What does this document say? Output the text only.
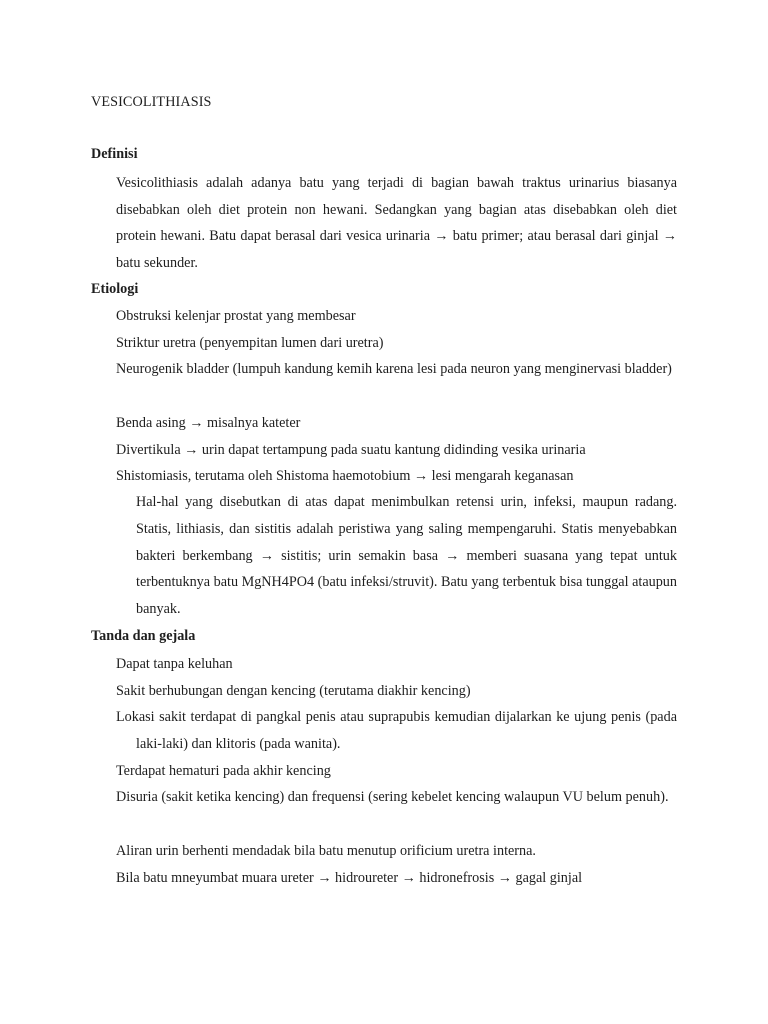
VESICOLITHIASIS
Definisi

Vesicolithiasis adalah adanya batu yang terjadi di bagian bawah traktus urinarius biasanya disebabkan oleh diet protein non hewani. Sedangkan yang bagian atas disebabkan oleh diet protein hewani. Batu dapat berasal dari vesica urinaria → batu primer; atau berasal dari ginjal → batu sekunder.

Etiologi

Obstruksi kelenjar prostat yang membesar

Striktur uretra (penyempitan lumen dari uretra)

Neurogenik bladder (lumpuh kandung kemih karena lesi pada neuron yang menginervasi bladder)

Benda asing → misalnya kateter

Divertikula → urin dapat tertampung pada suatu kantung didinding vesika urinaria

Shistomiasis, terutama oleh Shistoma haemotobium → lesi mengarah keganasan

Hal-hal yang disebutkan di atas dapat menimbulkan retensi urin, infeksi, maupun radang. Statis, lithiasis, dan sistitis adalah peristiwa yang saling mempengaruhi. Statis menyebabkan bakteri berkembang → sistitis; urin semakin basa → memberi suasana yang tepat untuk terbentuknya batu MgNH4PO4 (batu infeksi/struvit). Batu yang terbentuk bisa tunggal ataupun banyak.

Tanda dan gejala

Dapat tanpa keluhan

Sakit berhubungan dengan kencing (terutama diakhir kencing)

Lokasi sakit terdapat di pangkal penis atau suprapubis kemudian dijalarkan ke ujung penis (pada laki-laki) dan klitoris (pada wanita).

Terdapat hematuri pada akhir kencing

Disuria (sakit ketika kencing) dan frequensi (sering kebelet kencing walaupun VU belum penuh).

Aliran urin berhenti mendadak bila batu menutup orificium uretra interna.

Bila batu mneyumbat muara ureter → hidroureter → hidronefrosis → gagal ginjal
